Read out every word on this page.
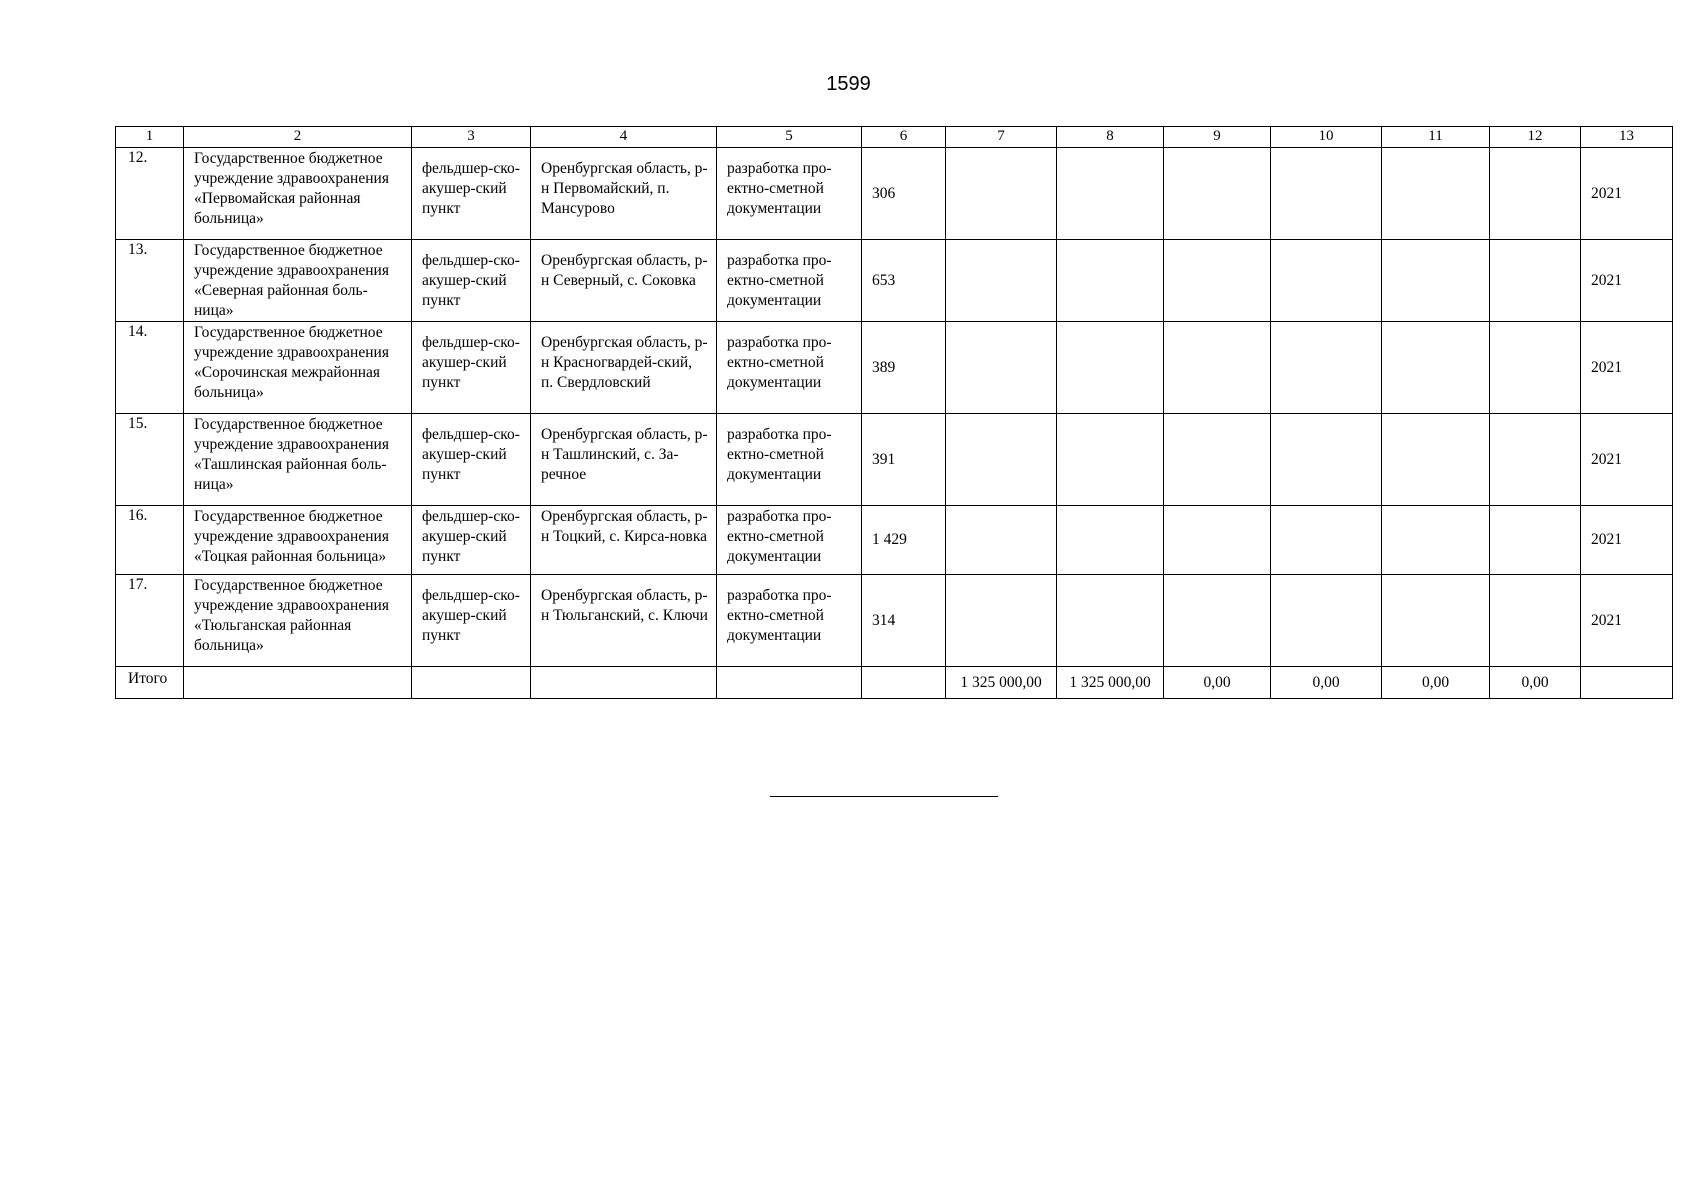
1599
1	2	3	4	5	6	7	8	9	10	11	12	13

12.	Государственное бюджетное учреждение здравоохранения «Первомайская районная больница»	фельдшер-ско-акушер-ский пункт	Оренбургская область, р-н Первомайский, п. Мансурово	разработка про-ектно-сметной документации	306							2021

13.	Государственное бюджетное учреждение здравоохранения «Северная районная боль-ница»	фельдшер-ско-акушер-ский пункт	Оренбургская область, р-н Северный, с. Соковка	разработка про-ектно-сметной документации	653							2021

14.	Государственное бюджетное учреждение здравоохранения «Сорочинская межрайонная больница»	фельдшер-ско-акушер-ский пункт	Оренбургская область, р-н Красногвардей-ский, п. Свердловский	разработка про-ектно-сметной документации	389							2021

15.	Государственное бюджетное учреждение здравоохранения «Ташлинская районная боль-ница»	фельдшер-ско-акушер-ский пункт	Оренбургская область, р-н Ташлинский, с. За-речное	разработка про-ектно-сметной документации	391							2021

16.	Государственное бюджетное учреждение здравоохранения «Тоцкая районная больница»	фельдшер-ско-акушер-ский пункт	Оренбургская область, р-н Тоцкий, с. Кирса-новка	разработка про-ектно-сметной документации	1 429							2021

17.	Государственное бюджетное учреждение здравоохранения «Тюльганская районная больница»	фельдшер-ско-акушер-ский пункт	Оренбургская область, р-н Тюльганский, с. Ключи	разработка про-ектно-сметной документации	314							2021

Итого						1 325 000,00	1 325 000,00	0,00	0,00	0,00	0,00	
